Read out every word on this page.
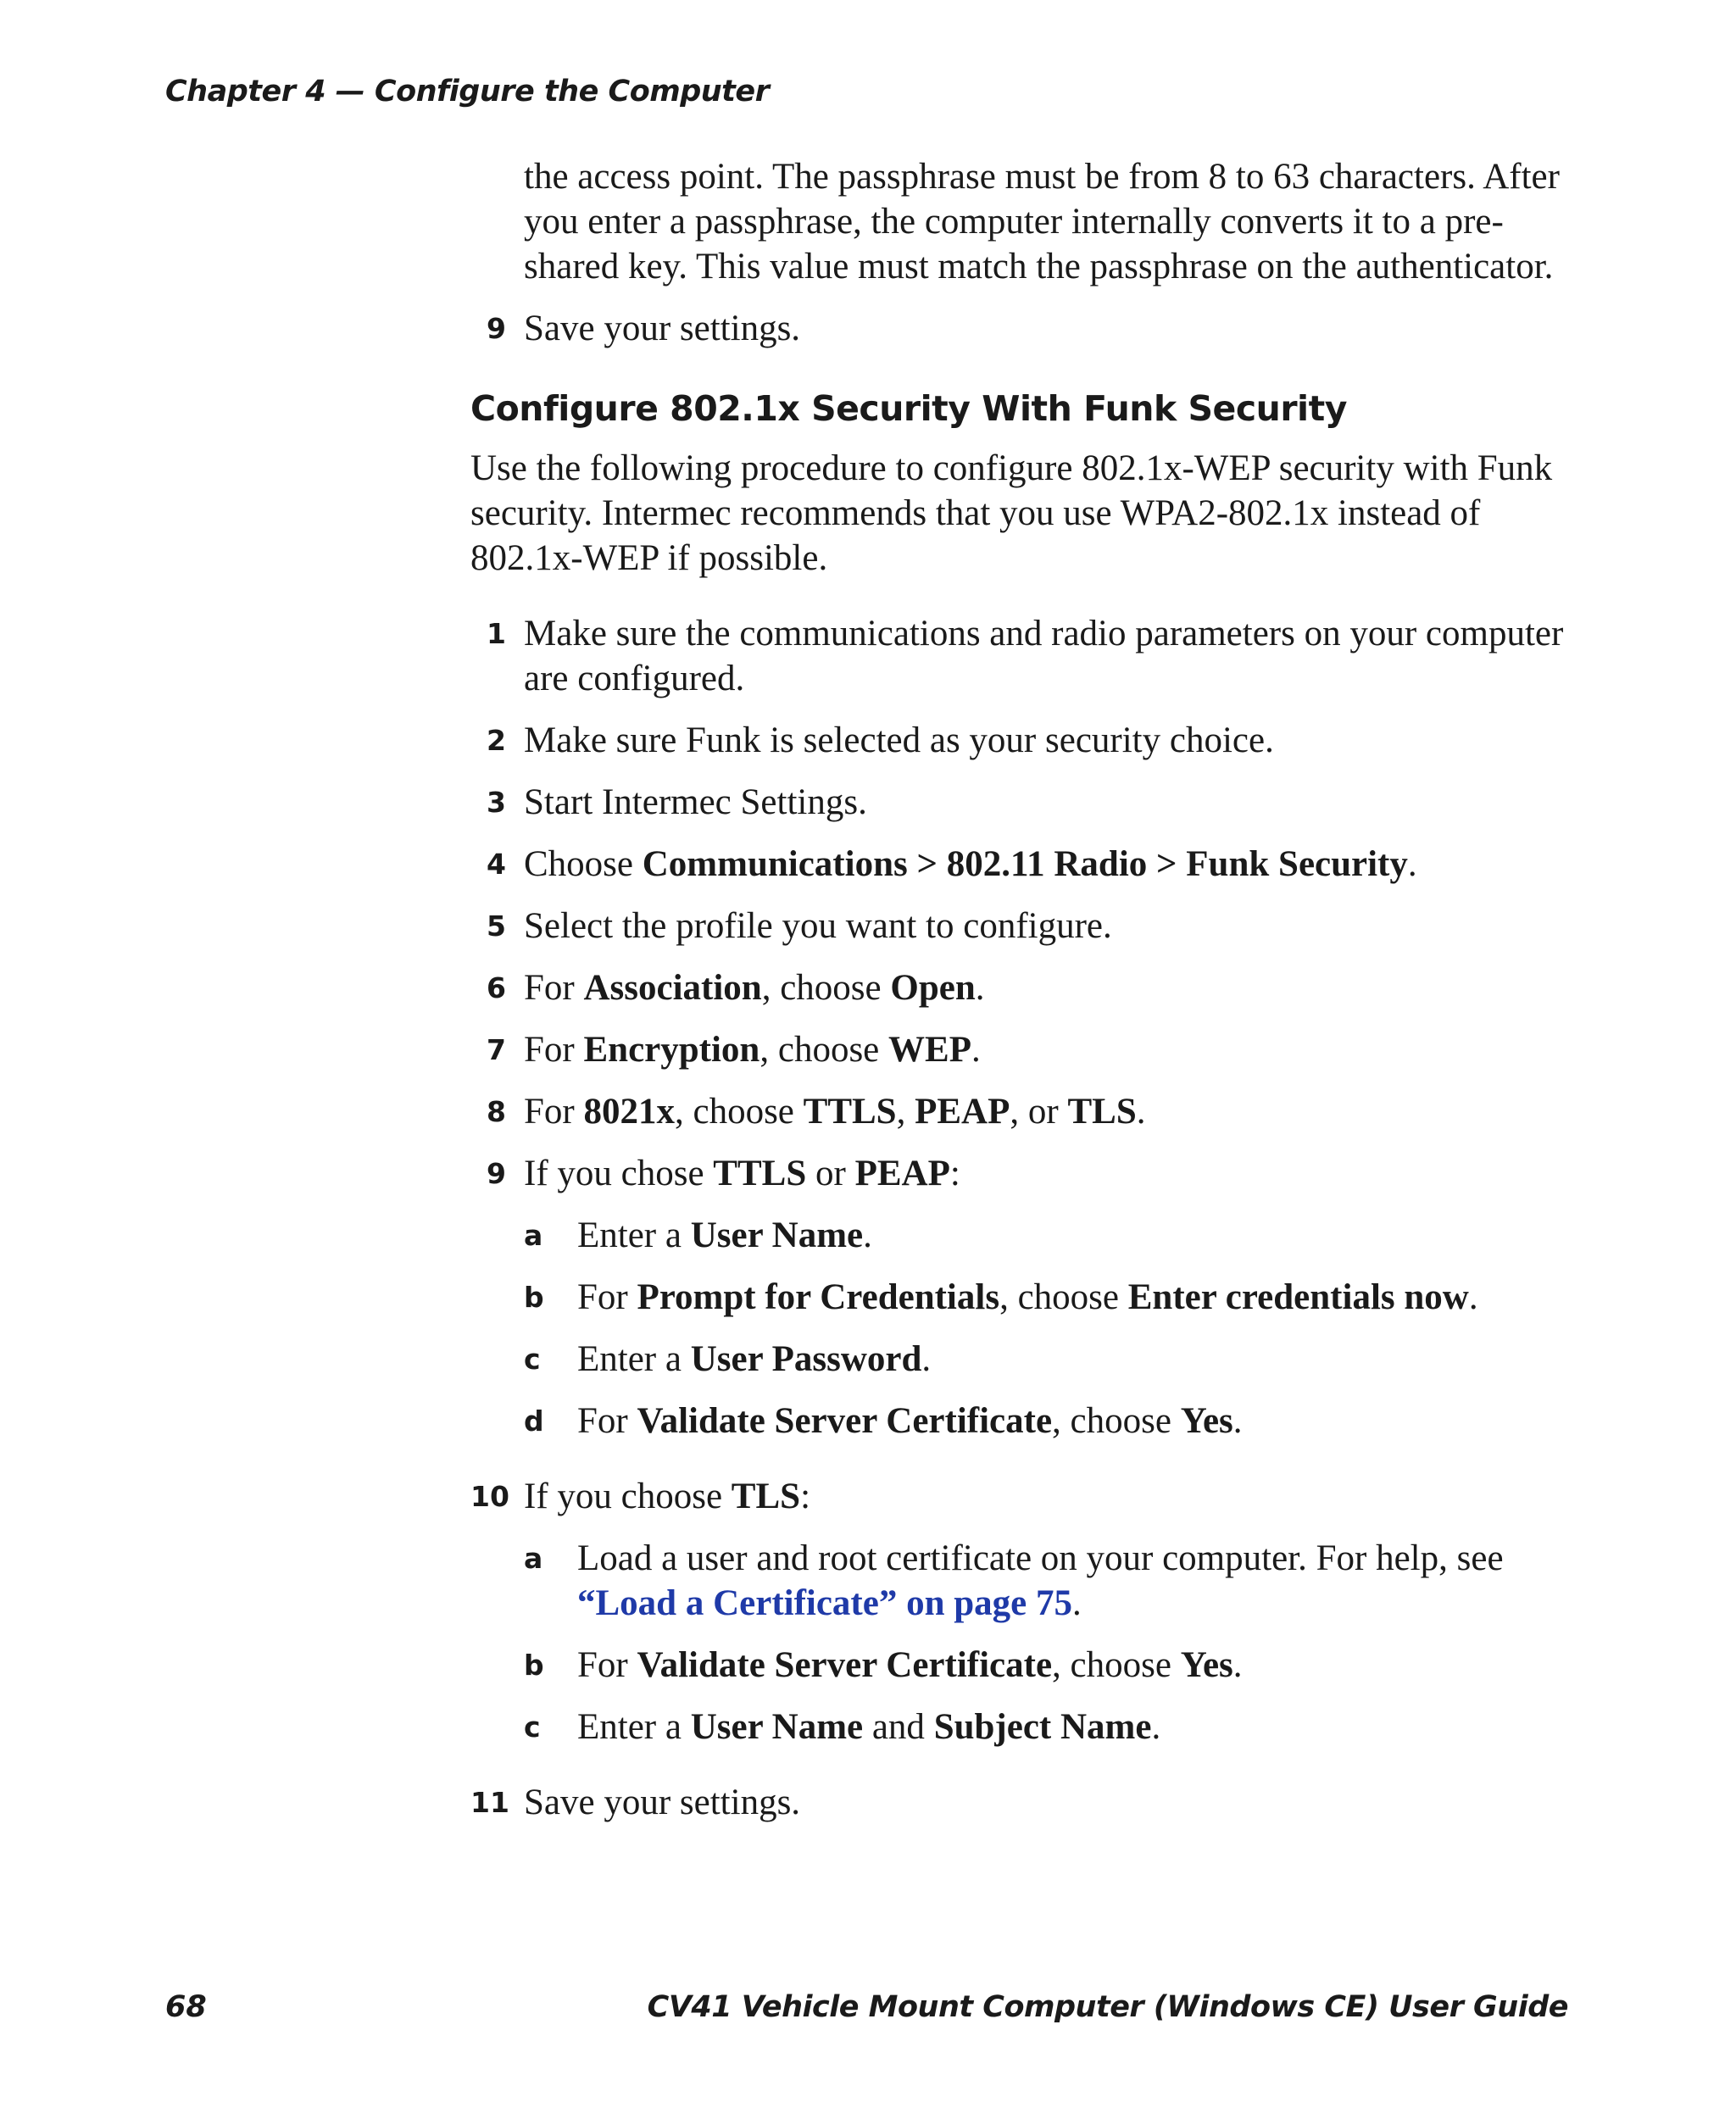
Chapter 4 — Configure the Computer
the access point. The passphrase must be from 8 to 63 characters. After you enter a passphrase, the computer internally converts it to a pre-shared key. This value must match the passphrase on the authenticator.
9 Save your settings.
Configure 802.1x Security With Funk Security
Use the following procedure to configure 802.1x-WEP security with Funk security. Intermec recommends that you use WPA2-802.1x instead of 802.1x-WEP if possible.
1 Make sure the communications and radio parameters on your computer are configured.
2 Make sure Funk is selected as your security choice.
3 Start Intermec Settings.
4 Choose Communications > 802.11 Radio > Funk Security.
5 Select the profile you want to configure.
6 For Association, choose Open.
7 For Encryption, choose WEP.
8 For 8021x, choose TTLS, PEAP, or TLS.
9 If you chose TTLS or PEAP:
a Enter a User Name.
b For Prompt for Credentials, choose Enter credentials now.
c Enter a User Password.
d For Validate Server Certificate, choose Yes.
10 If you choose TLS:
a Load a user and root certificate on your computer. For help, see “Load a Certificate” on page 75.
b For Validate Server Certificate, choose Yes.
c Enter a User Name and Subject Name.
11 Save your settings.
68	CV41 Vehicle Mount Computer (Windows CE) User Guide
